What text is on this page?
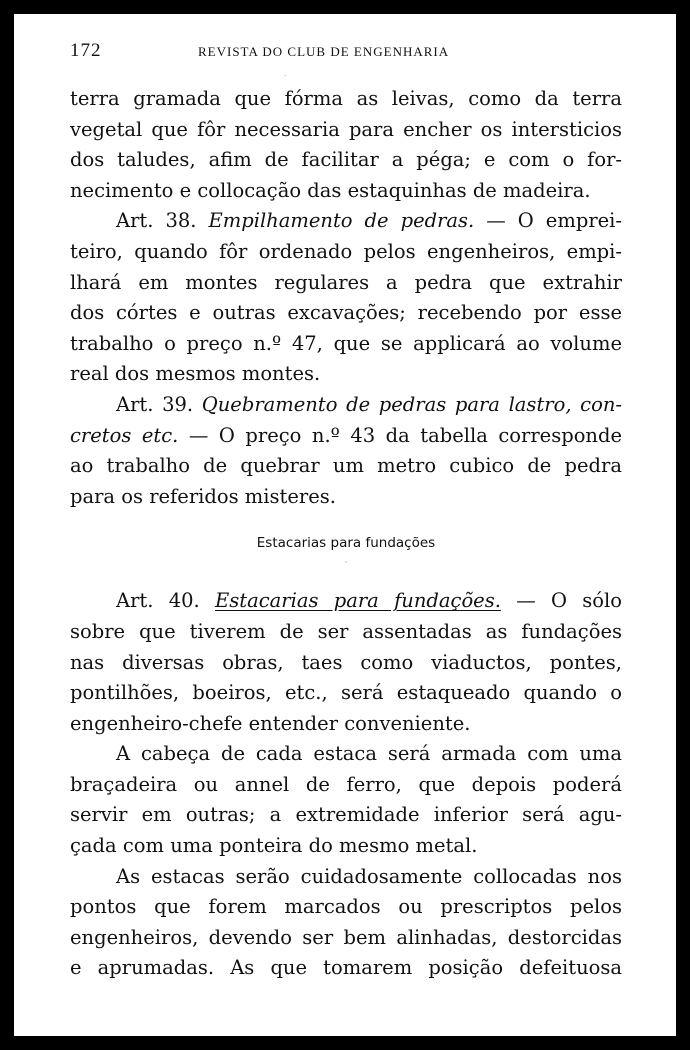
172	REVISTA DO CLUB DE ENGENHARIA
·
terra gramada que fórma as leivas, como da terra
vegetal que fôr necessaria para encher os intersticios
dos taludes, afim de facilitar a péga; e com o for-
necimento e collocação das estaquinhas de madeira.
Art. 38. Empilhamento de pedras. — O emprei-
teiro, quando fôr ordenado pelos engenheiros, empi-
lhará em montes regulares a pedra que extrahir
dos córtes e outras excavações; recebendo por esse
trabalho o preço n.º 47, que se applicará ao volume
real dos mesmos montes.
Art. 39. Quebramento de pedras para lastro, con-
cretos etc. — O preço n.º 43 da tabella corresponde
ao trabalho de quebrar um metro cubico de pedra
para os referidos misteres.
Estacarias para fundações
·
Art. 40. Estacarias para fundações. — O sólo
sobre que tiverem de ser assentadas as fundações
nas diversas obras, taes como viaductos, pontes,
pontilhões, boeiros, etc., será estaqueado quando o
engenheiro-chefe entender conveniente.
A cabeça de cada estaca será armada com uma
braçadeira ou annel de ferro, que depois poderá
servir em outras; a extremidade inferior será agu-
çada com uma ponteira do mesmo metal.
As estacas serão cuidadosamente collocadas nos
pontos que forem marcados ou prescriptos pelos
engenheiros, devendo ser bem alinhadas, destorcidas
e aprumadas. As que tomarem posição defeituosa
